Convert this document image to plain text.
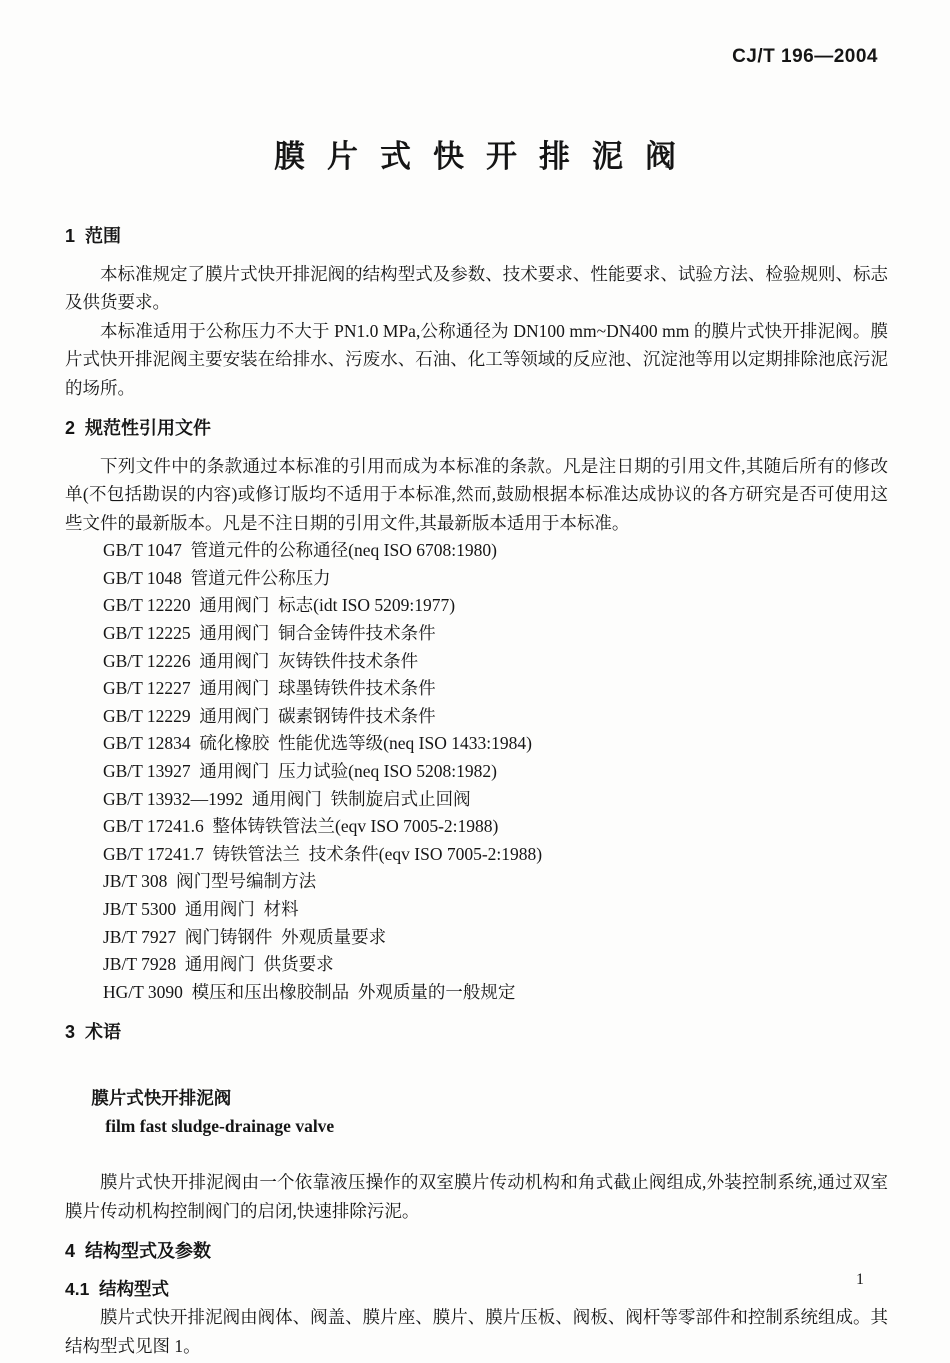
CJ/T 196—2004
膜片式快开排泥阀
1  范围

本标准规定了膜片式快开排泥阀的结构型式及参数、技术要求、性能要求、试验方法、检验规则、标志及供货要求。

本标准适用于公称压力不大于 PN1.0 MPa,公称通径为 DN100 mm~DN400 mm 的膜片式快开排泥阀。膜片式快开排泥阀主要安装在给排水、污废水、石油、化工等领域的反应池、沉淀池等用以定期排除池底污泥的场所。

2  规范性引用文件

下列文件中的条款通过本标准的引用而成为本标准的条款。凡是注日期的引用文件,其随后所有的修改单(不包括勘误的内容)或修订版均不适用于本标准,然而,鼓励根据本标准达成协议的各方研究是否可使用这些文件的最新版本。凡是不注日期的引用文件,其最新版本适用于本标准。

GB/T 1047  管道元件的公称通径(neq ISO 6708:1980)
GB/T 1048  管道元件公称压力
GB/T 12220  通用阀门  标志(idt ISO 5209:1977)
GB/T 12225  通用阀门  铜合金铸件技术条件
GB/T 12226  通用阀门  灰铸铁件技术条件
GB/T 12227  通用阀门  球墨铸铁件技术条件
GB/T 12229  通用阀门  碳素钢铸件技术条件
GB/T 12834  硫化橡胶  性能优选等级(neq ISO 1433:1984)
GB/T 13927  通用阀门  压力试验(neq ISO 5208:1982)
GB/T 13932—1992  通用阀门  铁制旋启式止回阀
GB/T 17241.6  整体铸铁管法兰(eqv ISO 7005-2:1988)
GB/T 17241.7  铸铁管法兰  技术条件(eqv ISO 7005-2:1988)
JB/T 308  阀门型号编制方法
JB/T 5300  通用阀门  材料
JB/T 7927  阀门铸钢件  外观质量要求
JB/T 7928  通用阀门  供货要求
HG/T 3090  模压和压出橡胶制品  外观质量的一般规定
3  术语

膜片式快开排泥阀
film fast sludge-drainage valve

膜片式快开排泥阀由一个依靠液压操作的双室膜片传动机构和角式截止阀组成,外装控制系统,通过双室膜片传动机构控制阀门的启闭,快速排除污泥。

4  结构型式及参数
4.1  结构型式

膜片式快开排泥阀由阀体、阀盖、膜片座、膜片、膜片压板、阀板、阀杆等零部件和控制系统组成。其结构型式见图 1。

1
